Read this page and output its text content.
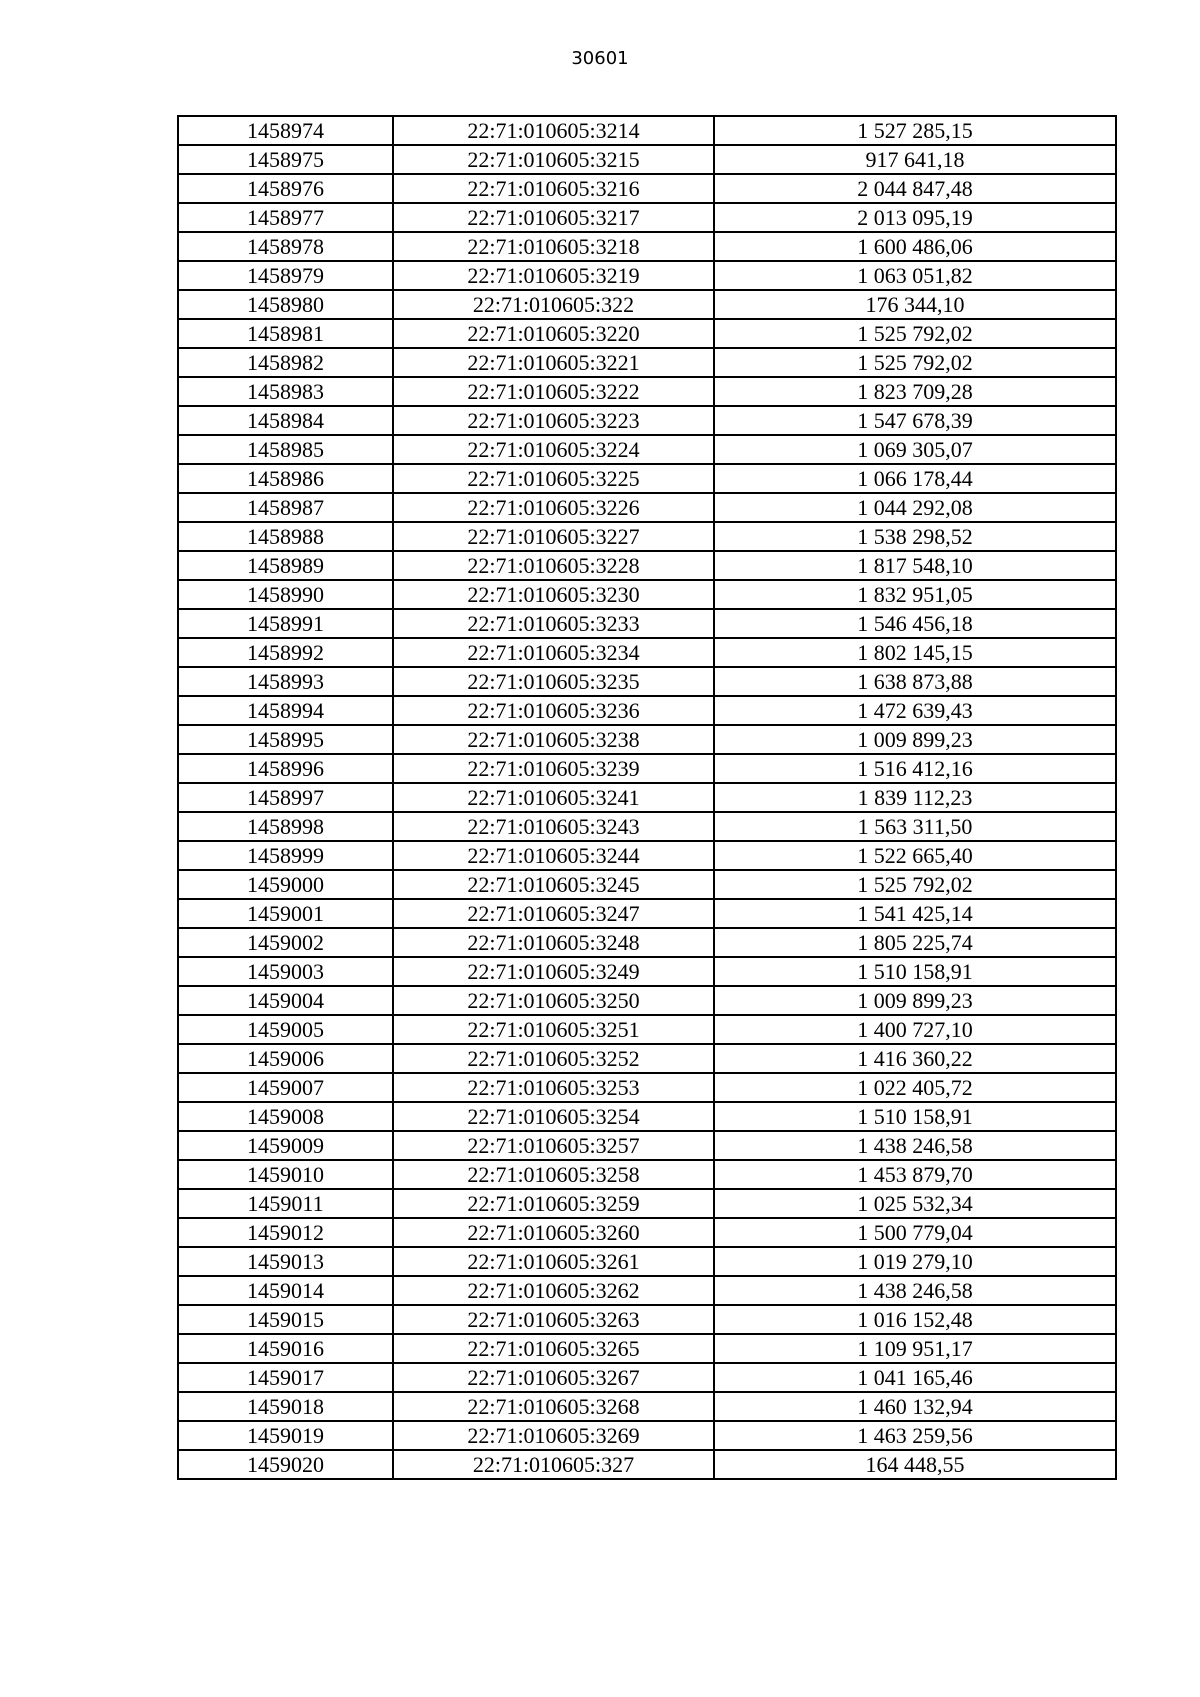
30601
1458974	22:71:010605:3214	1 527 285,15
1458975	22:71:010605:3215	917 641,18
1458976	22:71:010605:3216	2 044 847,48
1458977	22:71:010605:3217	2 013 095,19
1458978	22:71:010605:3218	1 600 486,06
1458979	22:71:010605:3219	1 063 051,82
1458980	22:71:010605:322	176 344,10
1458981	22:71:010605:3220	1 525 792,02
1458982	22:71:010605:3221	1 525 792,02
1458983	22:71:010605:3222	1 823 709,28
1458984	22:71:010605:3223	1 547 678,39
1458985	22:71:010605:3224	1 069 305,07
1458986	22:71:010605:3225	1 066 178,44
1458987	22:71:010605:3226	1 044 292,08
1458988	22:71:010605:3227	1 538 298,52
1458989	22:71:010605:3228	1 817 548,10
1458990	22:71:010605:3230	1 832 951,05
1458991	22:71:010605:3233	1 546 456,18
1458992	22:71:010605:3234	1 802 145,15
1458993	22:71:010605:3235	1 638 873,88
1458994	22:71:010605:3236	1 472 639,43
1458995	22:71:010605:3238	1 009 899,23
1458996	22:71:010605:3239	1 516 412,16
1458997	22:71:010605:3241	1 839 112,23
1458998	22:71:010605:3243	1 563 311,50
1458999	22:71:010605:3244	1 522 665,40
1459000	22:71:010605:3245	1 525 792,02
1459001	22:71:010605:3247	1 541 425,14
1459002	22:71:010605:3248	1 805 225,74
1459003	22:71:010605:3249	1 510 158,91
1459004	22:71:010605:3250	1 009 899,23
1459005	22:71:010605:3251	1 400 727,10
1459006	22:71:010605:3252	1 416 360,22
1459007	22:71:010605:3253	1 022 405,72
1459008	22:71:010605:3254	1 510 158,91
1459009	22:71:010605:3257	1 438 246,58
1459010	22:71:010605:3258	1 453 879,70
1459011	22:71:010605:3259	1 025 532,34
1459012	22:71:010605:3260	1 500 779,04
1459013	22:71:010605:3261	1 019 279,10
1459014	22:71:010605:3262	1 438 246,58
1459015	22:71:010605:3263	1 016 152,48
1459016	22:71:010605:3265	1 109 951,17
1459017	22:71:010605:3267	1 041 165,46
1459018	22:71:010605:3268	1 460 132,94
1459019	22:71:010605:3269	1 463 259,56
1459020	22:71:010605:327	164 448,55
